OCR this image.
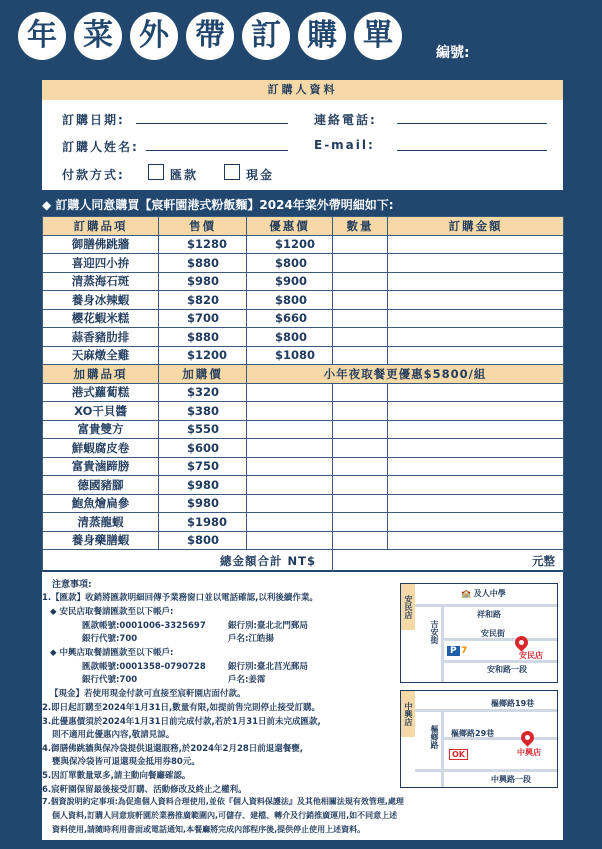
年 菜 外 帶 訂 購 單	編號:
訂購人資料
訂購日期:	連絡電話:
訂購人姓名:	E-mail:
付款方式:	匯款	現金
◆ 訂購人同意購買【宸軒園港式粉飯麵】2024年菜外帶明細如下:
訂購品項	售價	優惠價	數量	訂購金額
御膳佛跳牆	$1280	$1200		
喜迎四小拚	$880	$800		
清蒸海石斑	$980	$900		
養身冰辣蝦	$820	$800		
櫻花蝦米糕	$700	$660		
蒜香豬肋排	$880	$800		
天麻燉全雞	$1200	$1080		
加購品項	加購價	小年夜取餐更優惠$5800/組		
港式蘿蔔糕	$320			
XO干貝醬	$380			
富貴雙方	$550			
鮮蝦腐皮卷	$600			
富貴滷蹄膀	$750			
德國豬腳	$980			
鮑魚燴扁參	$980			
清蒸龍蝦	$1980			
養身藥膳蝦	$800			
總金額合計 NT$			元整	
注意事項:
1.【匯款】收銷將匯款明細回傳予業務窗口並以電話確認,以利後續作業。
◆ 安民店取餐請匯款至以下帳戶:
匯款帳號:0001006-3325697	銀行別:臺北北門郵局
銀行代號:700	戶名:江皓揚
◆ 中興店取餐請匯款至以下帳戶:
匯款帳號:0001358-0790728	銀行別:臺北莒光郵局
銀行代號:700	戶名:姜霈
【現金】若使用現金付款可直接至宸軒園店面付款。
2.即日起訂購至2024年1月31日,數量有限,如提前售完則停止接受訂購。
3.此優惠價須於2024年1月31日前完成付款,若於1月31日前未完成匯款,
則不適用此優惠內容,敬請見諒。
4.御膳佛跳牆與保冷袋提供退還服務,於2024年2月28日前退還餐甕,
甕與保冷袋皆可退還現金抵用券80元。
5.因訂單數量眾多,請主動向餐廳確認。
6.宸軒園保留最後接受訂購、活動修改及終止之權利。
7.個資說明約定事項:為促進個人資料合理使用,並依『個人資料保護法』及其他相關法規有效管理,處理
個人資料,訂購人同意宸軒園於業務推廣範圍內,可儲存、建檔、轉介及行銷推廣運用,如不同意上述
資料使用,請隨時利用書面或電話通知,本餐廳將完成內部程序後,提供停止使用上述資料。
安民店
🏫 及人中學
祥和路
安民街
吉安街
安和路一段
P 7	安民店
中興店	樞鄉路19巷
樞鄉路29巷
樞鄉路
中興路一段
OK	中興店
